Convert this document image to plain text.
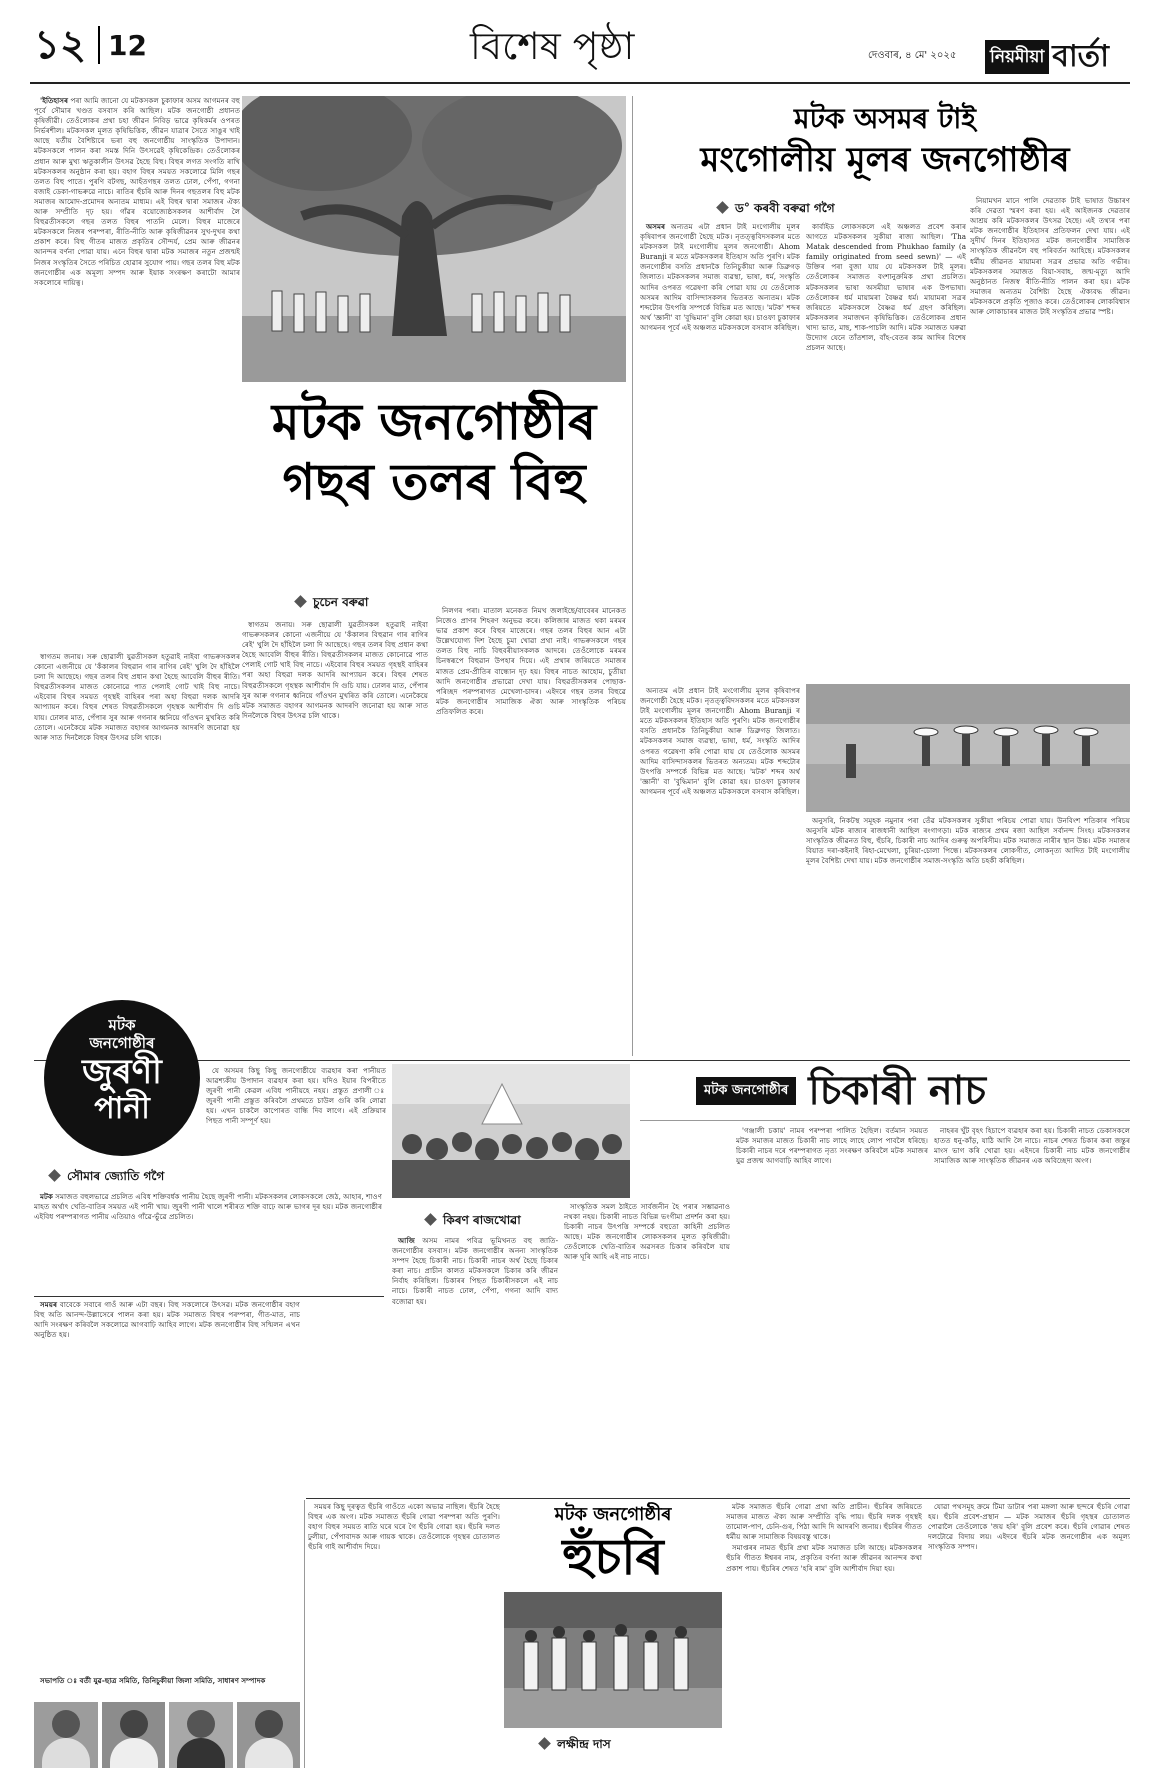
১২ 12	বিশেষ পৃষ্ঠা	দেওবাৰ, ৪ মে' ২০২৫ নিয়মীয়া বাৰ্তা

'ইতিহাসৰ পৰা আমি জানো যে মটকসকল চুকাফাৰ অসম আগমনৰ বহু পূৰ্বে সৌমাৰ খণ্ডত বসবাস কৰি আছিল। মটক জনগোষ্ঠী প্ৰধানত কৃষিজীৱী। তেওঁলোকৰ প্ৰথা চহা জীৱন নিবিড় ভাৱে কৃষিকৰ্মৰ ওপৰত নিৰ্ভৰশীল। মটকসকল মূলত কৃষিভিত্তিক, জীৱন যাত্ৰাৰ সৈতে সাঙুৰ খাই আছে যৰ্তীয় বৈশিষ্ট্যৰে ভৰা বহু জনগোষ্ঠীয় সাংস্কৃতিক উপাদান। মটকসকলে পালন কৰা সমস্ত দিনি উৎসৱেই কৃষিকেন্দ্ৰিক। তেওঁলোকৰ প্ৰধান আৰু মুখ্য ঋতুকালীন উৎসৱ হৈছে বিহু। বিহুৰ লগত সংগতি ৰাখি মটকসকলৰ অনুষ্ঠান কৰা হয়। বহাগ বিহুৰ সময়ত সকলোৱে মিলি গছৰ তলত বিহু পাতে। পুৰণি বটগছ, আহঁতগছৰ তলত ঢোল, পেঁপা, গগনা বজাই ডেকা-গাভৰুৱে নাচে। ৰাতিৰ হুঁচৰি আৰু দিনৰ গছতলৰ বিহু মটক সমাজৰ আমোদ-প্ৰমোদৰ অন্যতম মাধ্যম। এই বিহুৰ দ্বাৰা সমাজৰ ঐক্য আৰু সম্প্ৰীতি দৃঢ় হয়। গাঁৱৰ বয়োজ্যেষ্ঠসকলৰ আশীৰ্বাদ লৈ বিহুৱতীসকলে গছৰ তলত বিহুৰ পাতনি মেলে। বিহুৰ মাজেৰে মটকসকলে নিজৰ পৰম্পৰা, ৰীতি-নীতি আৰু কৃষিজীৱনৰ সুখ-দুখৰ কথা প্ৰকাশ কৰে। বিহু গীতৰ মাজত প্ৰকৃতিৰ সৌন্দৰ্য, প্ৰেম আৰু জীৱনৰ আনন্দৰ বৰ্ণনা পোৱা যায়। এনে বিহুৰ দ্বাৰা মটক সমাজৰ নতুন প্ৰজন্মই নিজৰ সংস্কৃতিৰ সৈতে পৰিচিত হোৱাৰ সুযোগ পায়। গছৰ তলৰ বিহু মটক জনগোষ্ঠীৰ এক অমূল্য সম্পদ আৰু ইয়াক সংৰক্ষণ কৰাটো আমাৰ সকলোৰে দায়িত্ব।

মটক জনগোষ্ঠীৰ
গছৰ তলৰ বিহু
চুচেন বৰুৱা

স্বাগতম জনায়। সৰু ছোৱালী যুৱতীসকল হতুৱাই নাইবা গাভৰুসকলৰ কোনো এজনীয়ে যে 'কঁকালৰ বিহুৱান গাৰ ৰাগিৰ ৰেই' খুলি দৈ হাঁহিলৈ ঢলা দি আছেহে। গছৰ তলৰ বিহু প্ৰধান কথা হৈছে আবেলি বীহুৰ ৰীতি। বিহুৱতীসকলৰ মাজত কোনোৱে পাত পেলাই গোট খাই বিহু নাচে। এইবোৰ বিহুৰ সময়ত গৃহস্থই বাহিৰৰ পৰা অহা বিহুৱা দলক আদৰি আপ্যায়ন কৰে। বিহুৰ শেষত বিহুৱতীসকলে গৃহস্থক আশীৰ্বাদ দি গুচি যায়। ঢোলৰ মাত, পেঁপাৰ সুৰ আৰু গগনাৰ ধ্বনিয়ে গাঁওখন মুখৰিত কৰি তোলে। এনেকৈয়ে মটক সমাজত বহাগৰ আগমনক আদৰণি জনোৱা হয় আৰু সাত দিনলৈকে বিহুৰ উৎসৱ চলি থাকে।

নিলগৰ পৰা। মাতাল মনেকত নিমখ জলাইছে/বাবেৰৰ মানেকত নিজেও প্ৰাণৰ শিহৰণ অনুভৱ কৰে। কলিজাৰ মাজত থকা মৰমৰ ভাৱ প্ৰকাশ কৰে বিহুৰ মাজেৰে। গছৰ তলৰ বিহুৰ আন এটা উল্লেখযোগ্য দিশ হৈছে চুমা খোৱা প্ৰথা নাই। গাভৰুসকলে গছৰ তলত বিহু নাচি বিহুবৰীয়াসকলক আদৰে। তেওঁলোকে মৰমৰ চিনস্বৰূপে বিহুৱান উপহাৰ দিয়ে। এই প্ৰথাৰ জৰিয়তে সমাজৰ মাজত প্ৰেম-প্ৰীতিৰ বান্ধোন দৃঢ় হয়। বিহুৰ নাচত আহোম, চুতীয়া আদি জনগোষ্ঠীৰ প্ৰভাৱো দেখা যায়। বিহুৱতীসকলৰ পোছাক-পৰিচ্ছদ পৰম্পৰাগত মেখেলা-চাদৰ। এইদৰে গছৰ তলৰ বিহুৱে মটক জনগোষ্ঠীৰ সামাজিক ঐক্য আৰু সাংস্কৃতিক পৰিচয় প্ৰতিফলিত কৰে।

স্বাগতম জনায়। সৰু ছোৱালী যুৱতীসকল হতুৱাই নাইবা গাভৰুসকলৰ কোনো এজনীয়ে যে 'কঁকালৰ বিহুৱান গাৰ ৰাগিৰ ৰেই' খুলি দৈ হাঁহিলৈ ঢলা দি আছেহে। গছৰ তলৰ বিহু প্ৰধান কথা হৈছে আবেলি বীহুৰ ৰীতি। বিহুৱতীসকলৰ মাজত কোনোৱে পাত পেলাই গোট খাই বিহু নাচে। এইবোৰ বিহুৰ সময়ত গৃহস্থই বাহিৰৰ পৰা অহা বিহুৱা দলক আদৰি আপ্যায়ন কৰে। বিহুৰ শেষত বিহুৱতীসকলে গৃহস্থক আশীৰ্বাদ দি গুচি যায়। ঢোলৰ মাত, পেঁপাৰ সুৰ আৰু গগনাৰ ধ্বনিয়ে গাঁওখন মুখৰিত কৰি তোলে। এনেকৈয়ে মটক সমাজত বহাগৰ আগমনক আদৰণি জনোৱা হয় আৰু সাত দিনলৈকে বিহুৰ উৎসৱ চলি থাকে।

মটক অসমৰ টাই
মংগোলীয় মূলৰ জনগোষ্ঠীৰ
ড° কৰবী বৰুৱা গগৈ

অসমৰ অন্যতম এটা প্ৰধান টাই মংগোলীয় মূলৰ কৃষিবাপৰ জনগোষ্ঠী হৈছে মটক। নৃতত্ত্ববিদসকলৰ মতে মটকসকল টাই মংগোলীয় মূলৰ জনগোষ্ঠী। Ahom Buranji ৰ মতে মটকসকলৰ ইতিহাস অতি পুৰণি। মটক জনগোষ্ঠীৰ বসতি প্ৰধানকৈ তিনিচুকীয়া আৰু ডিব্ৰুগড় জিলাত। মটকসকলৰ সমাজ ব্যৱস্থা, ভাষা, ধৰ্ম, সংস্কৃতি আদিৰ ওপৰত গৱেষণা কৰি পোৱা যায় যে তেওঁলোক অসমৰ আদিম বাসিন্দাসকলৰ ভিতৰত অন্যতম। মটক শব্দটোৰ উৎপত্তি সম্পৰ্কে বিভিন্ন মত আছে। 'মটক' শব্দৰ অৰ্থ 'জ্ঞানী' বা 'বুদ্ধিমান' বুলি কোৱা হয়। চাওফা চুকাফাৰ আগমনৰ পূৰ্বে এই অঞ্চলত মটকসকলে বসবাস কৰিছিল।

কাৰ্বাইড লোকসকলে এই অঞ্চলত প্ৰবেশ কৰাৰ আগতে মটকসকলৰ সুকীয়া ৰাজ্য আছিল। 'Tha Matak descended from Phukhao family (a family originated from seed sewn)' — এই উক্তিৰ পৰা বুজা যায় যে মটকসকল টাই মূলৰ। তেওঁলোকৰ সমাজত বংশানুক্ৰমিক প্ৰথা প্ৰচলিত। মটকসকলৰ ভাষা অসমীয়া ভাষাৰ এক উপভাষা। তেওঁলোকৰ ধৰ্ম মায়ামৰা বৈষ্ণৱ ধৰ্ম। মায়ামৰা সত্ৰৰ জৰিয়তে মটকসকলে বৈষ্ণৱ ধৰ্ম গ্ৰহণ কৰিছিল। মটকসকলৰ সমাজখন কৃষিভিত্তিক। তেওঁলোকৰ প্ৰধান খাদ্য ভাত, মাছ, শাক-পাচলি আদি। মটক সমাজত ঘৰুৱা উদ্যোগ যেনে তাঁতশাল, বাঁহ-বেতৰ কাম আদিৰ বিশেষ প্ৰচলন আছে।

নিয়ামখন মানে পালি দেৱতাক টাই ভাষাত উচ্চাৰণ কৰি দেৱতা স্মৰণ কৰা হয়। এই আইজনক দেৱতাৰ আশ্ৰয় কৰি মটকসকলৰ উৎসৱ হৈছে। এই তথ্যৰ পৰা মটক জনগোষ্ঠীৰ ইতিহাসৰ প্ৰতিফলন দেখা যায়। এই সুদীৰ্ঘ দিনৰ ইতিহাসত মটক জনগোষ্ঠীৰ সামাজিক সাংস্কৃতিক জীৱনলৈ বহু পৰিবৰ্তন আহিছে। মটকসকলৰ ধৰ্মীয় জীৱনত মায়ামৰা সত্ৰৰ প্ৰভাৱ অতি গভীৰ। মটকসকলৰ সমাজত বিয়া-সবাহ, জন্ম-মৃত্যু আদি অনুষ্ঠানত নিজস্ব ৰীতি-নীতি পালন কৰা হয়। মটক সমাজৰ অন্যতম বৈশিষ্ট্য হৈছে ঐক্যবদ্ধ জীৱন। মটকসকলে প্ৰকৃতি পূজাও কৰে। তেওঁলোকৰ লোকবিশ্বাস আৰু লোকাচাৰৰ মাজত টাই সংস্কৃতিৰ প্ৰভাৱ স্পষ্ট।

অন্যতম এটা প্ৰধান টাই মংগোলীয় মূলৰ কৃষিবাপৰ জনগোষ্ঠী হৈছে মটক। নৃতত্ত্ববিদসকলৰ মতে মটকসকল টাই মংগোলীয় মূলৰ জনগোষ্ঠী। Ahom Buranji ৰ মতে মটকসকলৰ ইতিহাস অতি পুৰণি। মটক জনগোষ্ঠীৰ বসতি প্ৰধানকৈ তিনিচুকীয়া আৰু ডিব্ৰুগড় জিলাত। মটকসকলৰ সমাজ ব্যৱস্থা, ভাষা, ধৰ্ম, সংস্কৃতি আদিৰ ওপৰত গৱেষণা কৰি পোৱা যায় যে তেওঁলোক অসমৰ আদিম বাসিন্দাসকলৰ ভিতৰত অন্যতম। মটক শব্দটোৰ উৎপত্তি সম্পৰ্কে বিভিন্ন মত আছে। 'মটক' শব্দৰ অৰ্থ 'জ্ঞানী' বা 'বুদ্ধিমান' বুলি কোৱা হয়। চাওফা চুকাফাৰ আগমনৰ পূৰ্বে এই অঞ্চলত মটকসকলে বসবাস কৰিছিল।

অনুসৰি, নিকটস্থ সমূহক নমুনাৰ পৰা তেঁৱ মটকসকলৰ সুকীয়া পৰিচয় পোৱা যায়। উনবিংশ শতিকাৰ পৰিচয় অনুসৰি মটক ৰাজ্যৰ ৰাজধানী আছিল ৰংগাগড়া। মটক ৰাজ্যৰ প্ৰথম ৰজা আছিল সৰ্বানন্দ সিংহ। মটকসকলৰ সাংস্কৃতিক জীৱনত বিহু, হুঁচৰি, চিকাৰী নাচ আদিৰ গুৰুত্ব অপৰিসীম। মটক সমাজত নাৰীৰ স্থান উচ্চ। মটক সমাজৰ বিয়াত দৰা-কইনাই ৰিহা-মেখেলা, চুৰিয়া-চোলা পিন্ধে। মটকসকলৰ লোকগীত, লোকনৃত্য আদিত টাই মংগোলীয় মূলৰ বৈশিষ্ট্য দেখা যায়। মটক জনগোষ্ঠীৰ সমাজ-সংস্কৃতি অতি চহকী কৰিছিল।

মটক
জনগোষ্ঠীৰ
জুৰণী
পানী

যে অসমৰ কিছু কিছু জনগোষ্ঠীয়ে ব্যৱহাৰ কৰা পানীয়ত আৱশ্যকীয় উপাদান ব্যৱহাৰ কৰা হয়। যদিও ইয়াৰ বিপৰীতে জুৰণী পানী কেৱল এবিধ পানীয়হে নহয়। প্ৰস্তুত প্ৰণালী ঃ জুৰণী পানী প্ৰস্তুত কৰিবলৈ প্ৰথমতে চাউল গুৰি কৰি লোৱা হয়। এখন চাকলৈ কাপোৰত বান্ধি দিব লাগে। এই প্ৰক্ৰিয়াৰ পিছত পানী সম্পূৰ্ণ হয়।

সৌমাৰ জ্যোতি গগৈ

মটক সমাজত বহুলভাৱে প্ৰচলিত এবিধ শক্তিবৰ্ধক পানীয় হৈছে জুৰণী পানী। মটকসকলৰ লোকসকলে জেঠ, আহাৰ, শাওণ মাহত অৰ্থাৎ খেতি-বাতিৰ সময়ত এই পানী খায়। জুৰণী পানী খালে শৰীৰত শক্তি বাঢ়ে আৰু ভাগৰ দূৰ হয়। মটক জনগোষ্ঠীৰ এইবিধ পৰম্পৰাগত পানীয় এতিয়াও গাঁৱে-ভুঁৱে প্ৰচলিত।	কিৰণ ৰাজখোৱা
মটক জনগোষ্ঠীৰ চিকাৰী নাচ

আজি অসম নামৰ পবিত্ৰ ভূমিখনত বহু জাতি-জনগোষ্ঠীৰ বসবাস। মটক জনগোষ্ঠীৰ অনন্য সাংস্কৃতিক সম্পদ হৈছে চিকাৰী নাচ। চিকাৰী নাচৰ অৰ্থ হৈছে চিকাৰ কৰা নাচ। প্ৰাচীন কালত মটকসকলে চিকাৰ কৰি জীৱন নিৰ্বাহ কৰিছিল। চিকাৰৰ পিছত চিকাৰীসকলে এই নাচ নাচে। চিকাৰী নাচত ঢোল, পেঁপা, গগনা আদি বাদ্য বজোৱা হয়।

সাংস্কৃতিক সমল ঠাইতে সাৰ্বজনীন হৈ পৰাৰ সম্ভাৱনাও নথকা নহয়। চিকাৰী নাচত বিভিন্ন ভংগীমা প্ৰদৰ্শন কৰা হয়। চিকাৰী নাচৰ উৎপত্তি সম্পৰ্কে বহুতো কাহিনী প্ৰচলিত আছে। মটক জনগোষ্ঠীৰ লোকসকলৰ মূলত কৃষিজীৱী। তেওঁলোকে খেতি-বাতিৰ অৱসৰত চিকাৰ কৰিবলৈ যায় আৰু ঘূৰি আহি এই নাচ নাচে।

'গঞ্জালী চকায়' নামৰ পৰম্পৰা পালিত হৈছিল। বৰ্তমান সময়ত মটক সমাজৰ মাজত চিকাৰী নাচ লাহে লাহে লোপ পাবলৈ ধৰিছে। চিকাৰী নাচৰ দৰে পৰম্পৰাগত নৃত্য সংৰক্ষণ কৰিবলৈ মটক সমাজৰ যুৱ প্ৰজন্ম আগবাঢ়ি আহিব লাগে।

নাহৰৰ খুঁট বৃহৎ হিচাপে ব্যৱহাৰ কৰা হয়। চিকাৰী নাচত ডেকাসকলে হাতত ধনু-কাঁড়, যাঠি আদি লৈ নাচে। নাচৰ শেষত চিকাৰ কৰা জন্তুৰ মাংস ভাগ কৰি খোৱা হয়। এইদৰে চিকাৰী নাচ মটক জনগোষ্ঠীৰ সামাজিক আৰু সাংস্কৃতিক জীৱনৰ এক অবিচ্ছেদ্য অংগ।

সময়ৰ বাবেকে সবাৰে গাওঁ আৰু এটা বছৰ। বিহু সকলোৰে উৎসৱ। মটক জনগোষ্ঠীৰ বহাগ বিহু অতি আনন্দ-উল্লাসেৰে পালন কৰা হয়। মটক সমাজত বিহুৰ পৰম্পৰা, গীত-মাত, নাচ আদি সংৰক্ষণ কৰিবলৈ সকলোৱে আগবাঢ়ি আহিব লাগে। মটক জনগোষ্ঠীৰ বিহু সন্মিলন এখন অনুষ্ঠিত হয়।

সভাপতি ঃ বৰ্তী যুৱ-ছাত্ৰ সমিতি, তিনিচুকীয়া জিলা সমিতি, সাধাৰণ সম্পাদক

সময়ৰ কিছু দূৰত্বত হুঁচৰি গাওঁতে একো অভাৱ নাছিল। হুঁচৰি হৈছে বিহুৰ এক অংগ। মটক সমাজত হুঁচৰি গোৱা পৰম্পৰা অতি পুৰণি। বহাগ বিহুৰ সময়ত ৰাতি ঘৰে ঘৰে গৈ হুঁচৰি গোৱা হয়। হুঁচৰি দলত ঢুলীয়া, পেঁপাবাদক আৰু গায়ক থাকে। তেওঁলোকে গৃহস্থৰ চোতালত হুঁচৰি গাই আশীৰ্বাদ দিয়ে।

মটক জনগোষ্ঠীৰ
হুঁচৰি
লক্ষীন্দ্ৰ দাস

মটক সমাজত হুঁচৰি গোৱা প্ৰথা অতি প্ৰাচীন। হুঁচৰিৰ জৰিয়তে সমাজৰ মাজত ঐক্য আৰু সম্প্ৰীতি বৃদ্ধি পায়। হুঁচৰি দলক গৃহস্থই তামোল-পাণ, চেনি-গুৰ, পিঠা আদি দি আদৰণি জনায়। হুঁচৰিৰ গীতত ধৰ্মীয় আৰু সামাজিক বিষয়বস্তু থাকে।

সমাপ্তৰৰ নামত হুঁচৰি প্ৰথা মটক সমাজত চলি আছে। মটকসকলৰ হুঁচৰি গীতত ঈশ্বৰৰ নাম, প্ৰকৃতিৰ বৰ্ণনা আৰু জীৱনৰ আনন্দৰ কথা প্ৰকাশ পায়। হুঁচৰিৰ শেষত 'হৰি ৰাম' বুলি আশীৰ্বাদ দিয়া হয়।

যোৱা পথসমূহ ক্ৰমে টিমা ডাটাৰ পৰা মঙ্গলা আৰু ছন্দৰে হুঁচৰি গোৱা হয়। হুঁচৰি প্ৰবেশ-প্ৰস্থান — মটক সমাজৰ হুঁচৰি গৃহস্থৰ চোতালত পোৱালৈ তেওঁলোকে 'জয় হৰি' বুলি প্ৰবেশ কৰে। হুঁচৰি গোৱাৰ শেষত দলটোৱে বিদায় লয়। এইদৰে হুঁচৰি মটক জনগোষ্ঠীৰ এক অমূল্য সাংস্কৃতিক সম্পদ।
